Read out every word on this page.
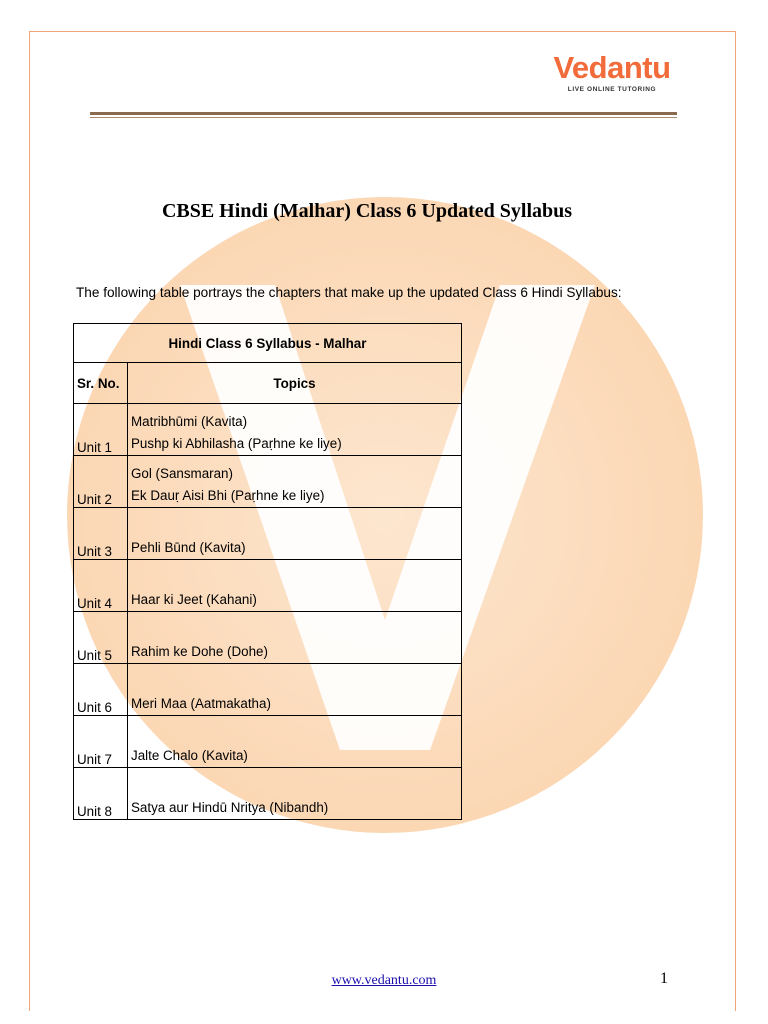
Vedantu
LIVE ONLINE TUTORING
CBSE Hindi (Malhar) Class 6 Updated Syllabus
The following table portrays the chapters that make up the updated Class 6 Hindi Syllabus:
Hindi Class 6 Syllabus - Malhar	
Sr. No.	Topics
Unit 1	Matribhūmi (Kavita)
Pushp ki Abhilasha (Paṛhne ke liye)

Unit 2	Gol (Sansmaran)
Ek Dauṛ Aisi Bhi (Paṛhne ke liye)

Unit 3	Pehli Būnd (Kavita)

Unit 4	Haar ki Jeet (Kahani)

Unit 5	Rahim ke Dohe (Dohe)

Unit 6	Meri Maa (Aatmakatha)

Unit 7	Jalte Chalo (Kavita)

Unit 8	Satya aur Hindū Nritya (Nibandh)
www.vedantu.com	1
